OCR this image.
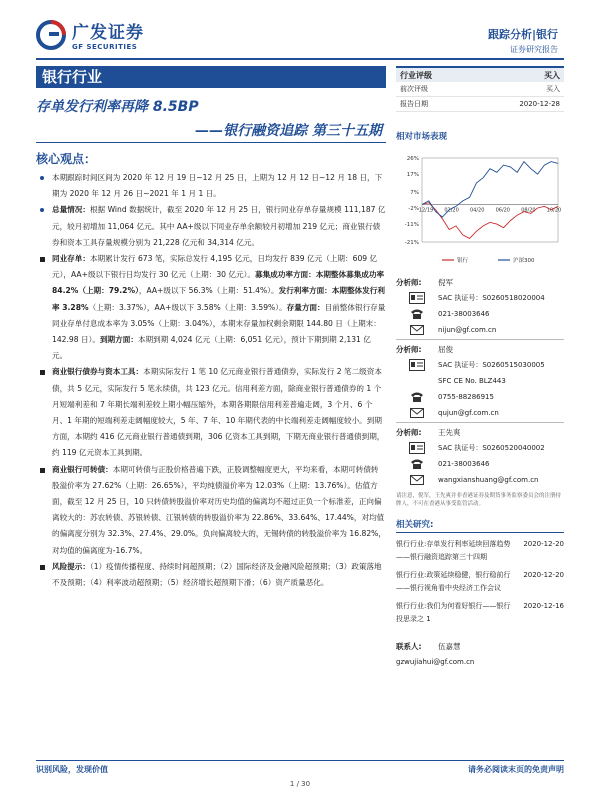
广发证券
GF SECURITIES
跟踪分析|银行
证券研究报告
银行行业
存单发行利率再降 8.5BP
——银行融资追踪 第三十五期
核心观点：
本期跟踪时间区间为 2020 年 12 月 19 日~12 月 25 日，上期为 12 月 12 日~12 月 18 日，下期为 2020 年 12 月 26 日~2021 年 1 月 1 日。
总量情况：根据 Wind 数据统计，截至 2020 年 12 月 25 日，银行同业存单存量规模 111,187 亿元，较月初增加 11,064 亿元。其中 AA+级以下同业存单余额较月初增加 219 亿元；商业银行债券和资本工具存量规模分别为 21,228 亿元和 34,314 亿元。
同业存单：本期累计发行 673 笔，实际总发行 4,195 亿元，日均发行 839 亿元（上期：609 亿元），AA+级以下银行日均发行 30 亿元（上期：30 亿元）。募集成功率方面：本期整体募集成功率 84.2%（上期：79.2%），AA+级以下 56.3%（上期：51.4%）。发行利率方面：本期整体发行利率 3.28%（上期：3.37%），AA+级以下 3.58%（上期：3.59%）。存量方面：目前整体银行存量同业存单付息成本率为 3.05%（上期：3.04%），本期末存量加权剩余期限 144.80 日（上期末：142.98 日）。到期方面：本期到期 4,024 亿元（上期：6,051 亿元），预计下期到期 2,131 亿元。
商业银行债券与资本工具：本期实际发行 1 笔 10 亿元商业银行普通债券，实际发行 2 笔二级资本债，共 5 亿元，实际发行 5 笔永续债，共 123 亿元。信用利差方面，除商业银行普通债券的 1 个月短端利差和 7 年期长端利差较上期小幅压缩外，本期各期限信用利差普遍走阔，3 个月、6 个月、1 年期的短端利差走阔幅度较大，5 年、7 年、10 年期代表的中长端利差走阔幅度较小。到期方面，本期约 416 亿元商业银行普通债到期，306 亿资本工具到期，下期无商业银行普通债到期，约 119 亿元资本工具到期。
商业银行可转债：本期可转债与正股价格普遍下跌，正股调整幅度更大，平均来看，本期可转债转股溢价率为 27.62%（上期：26.65%），平均纯债溢价率为 12.03%（上期：13.76%）。估值方面，截至 12 月 25 日，10 只转债转股溢价率对历史均值的偏离均不超过正负一个标准差，正向偏离较大的：苏农转债、苏银转债、江银转债的转股溢价率为 22.86%、33.64%、17.44%，对均值的偏离度分别为 32.3%、27.4%、29.0%。负向偏离较大的，无锡转债的转股溢价率为 16.82%，对均值的偏离度为-16.7%。
风险提示：（1）疫情传播程度、持续时间超预期；（2）国际经济及金融风险超预期；（3）政策落地不及预期；（4）利率波动超预期；（5）经济增长超预期下滑；（6）资产质量恶化。
行业评级	买入
前次评级	买入
报告日期	2020-12-28
相对市场表现
26%
17%
7%
-2%
-11%
-21%
12/19 02/20 04/20 06/20 08/20 10/20
银行	沪深300
分析师:	倪军
SAC 执证号：S0260518020004
021-38003646
nijun@gf.com.cn
分析师:	屈俊
SAC 执证号：S0260515030005
SFC CE No. BLZ443
0755-88286915
qujun@gf.com.cn
分析师:	王先爽
SAC 执证号：S0260520040002
021-38003646
wangxianshuang@gf.com.cn
请注意，倪军，王先爽并非香港证券及期货事务监察委员会的注册持牌人，不可在香港从事受监管活动。
相关研究:
银行行业:存单发行利率延续回落趋势——银行融资追踪第三十四期
2020-12-20
银行行业:政策延续稳健，银行稳前行——银行视角看中央经济工作会议
2020-12-20
银行行业:我们为何看好银行——银行投思录之 1
2020-12-16
联系人:	伍嘉慧
gzwujiahui@gf.com.cn
识别风险，发现价值	请务必阅读末页的免责声明
1 / 30
